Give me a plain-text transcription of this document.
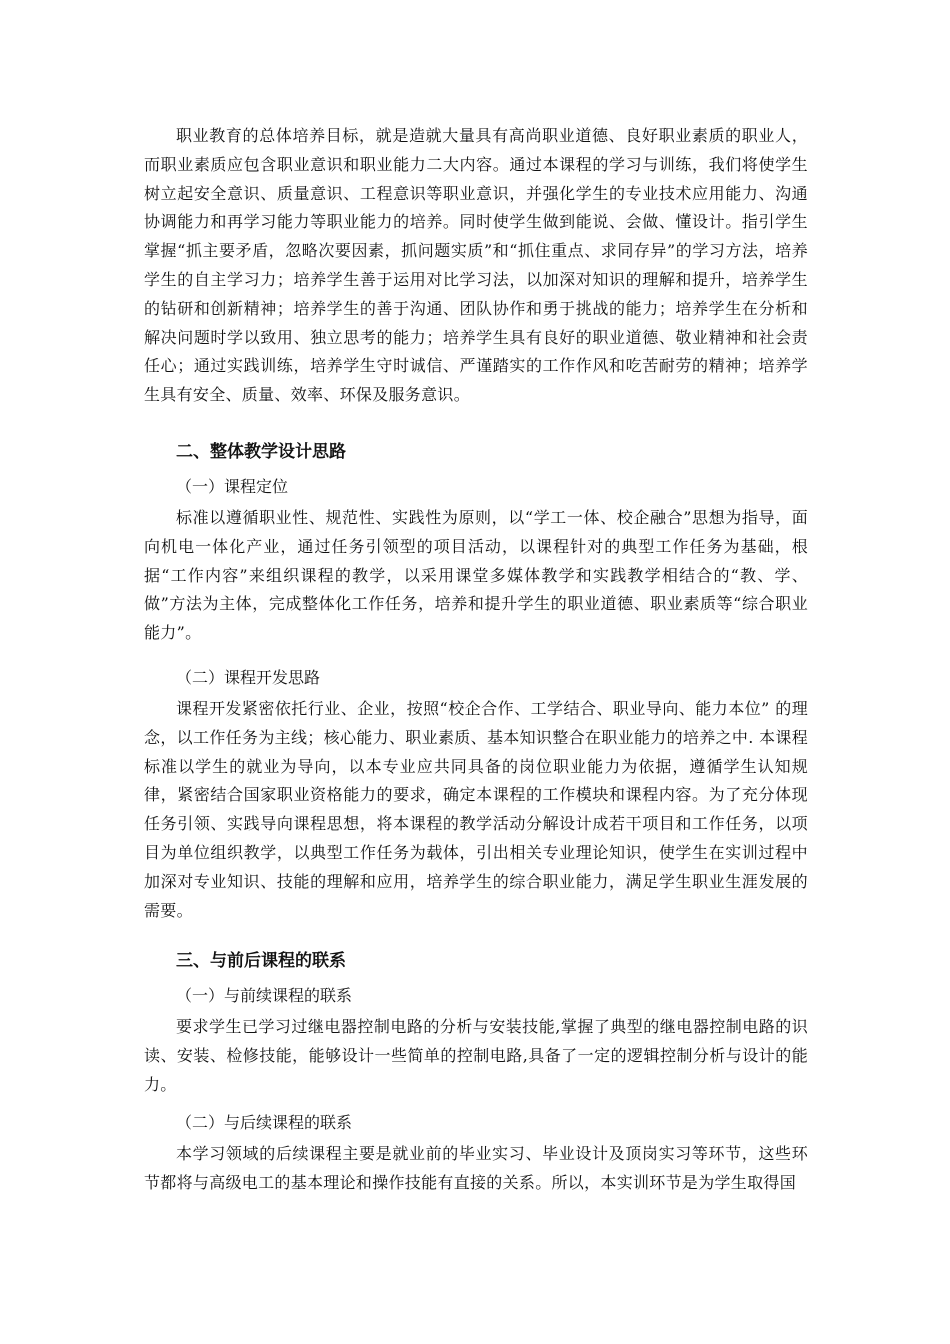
职业教育的总体培养目标，就是造就大量具有高尚职业道德、良好职业素质的职业人，而职业素质应包含职业意识和职业能力二大内容。通过本课程的学习与训练，我们将使学生树立起安全意识、质量意识、工程意识等职业意识，并强化学生的专业技术应用能力、沟通协调能力和再学习能力等职业能力的培养。同时使学生做到能说、会做、懂设计。指引学生掌握“抓主要矛盾，忽略次要因素，抓问题实质”和“抓住重点、求同存异”的学习方法，培养学生的自主学习力；培养学生善于运用对比学习法，以加深对知识的理解和提升，培养学生的钻研和创新精神；培养学生的善于沟通、团队协作和勇于挑战的能力；培养学生在分析和解决问题时学以致用、独立思考的能力；培养学生具有良好的职业道德、敬业精神和社会责任心；通过实践训练，培养学生守时诚信、严谨踏实的工作作风和吃苦耐劳的精神；培养学生具有安全、质量、效率、环保及服务意识。

二、整体教学设计思路

（一）课程定位

标准以遵循职业性、规范性、实践性为原则，以“学工一体、校企融合”思想为指导，面向机电一体化产业，通过任务引领型的项目活动，以课程针对的典型工作任务为基础，根据“工作内容”来组织课程的教学，以采用课堂多媒体教学和实践教学相结合的“教、学、做”方法为主体，完成整体化工作任务，培养和提升学生的职业道德、职业素质等“综合职业能力”。

（二）课程开发思路

课程开发紧密依托行业、企业，按照“校企合作、工学结合、职业导向、能力本位” 的理念，以工作任务为主线；核心能力、职业素质、基本知识整合在职业能力的培养之中. 本课程标准以学生的就业为导向，以本专业应共同具备的岗位职业能力为依据，遵循学生认知规律，紧密结合国家职业资格能力的要求，确定本课程的工作模块和课程内容。为了充分体现任务引领、实践导向课程思想，将本课程的教学活动分解设计成若干项目和工作任务，以项目为单位组织教学，以典型工作任务为载体，引出相关专业理论知识，使学生在实训过程中加深对专业知识、技能的理解和应用，培养学生的综合职业能力，满足学生职业生涯发展的需要。

三、与前后课程的联系

（一）与前续课程的联系

要求学生已学习过继电器控制电路的分析与安装技能,掌握了典型的继电器控制电路的识读、安装、检修技能，能够设计一些简单的控制电路,具备了一定的逻辑控制分析与设计的能力。

（二）与后续课程的联系

本学习领域的后续课程主要是就业前的毕业实习、毕业设计及顶岗实习等环节，这些环节都将与高级电工的基本理论和操作技能有直接的关系。所以，本实训环节是为学生取得国
